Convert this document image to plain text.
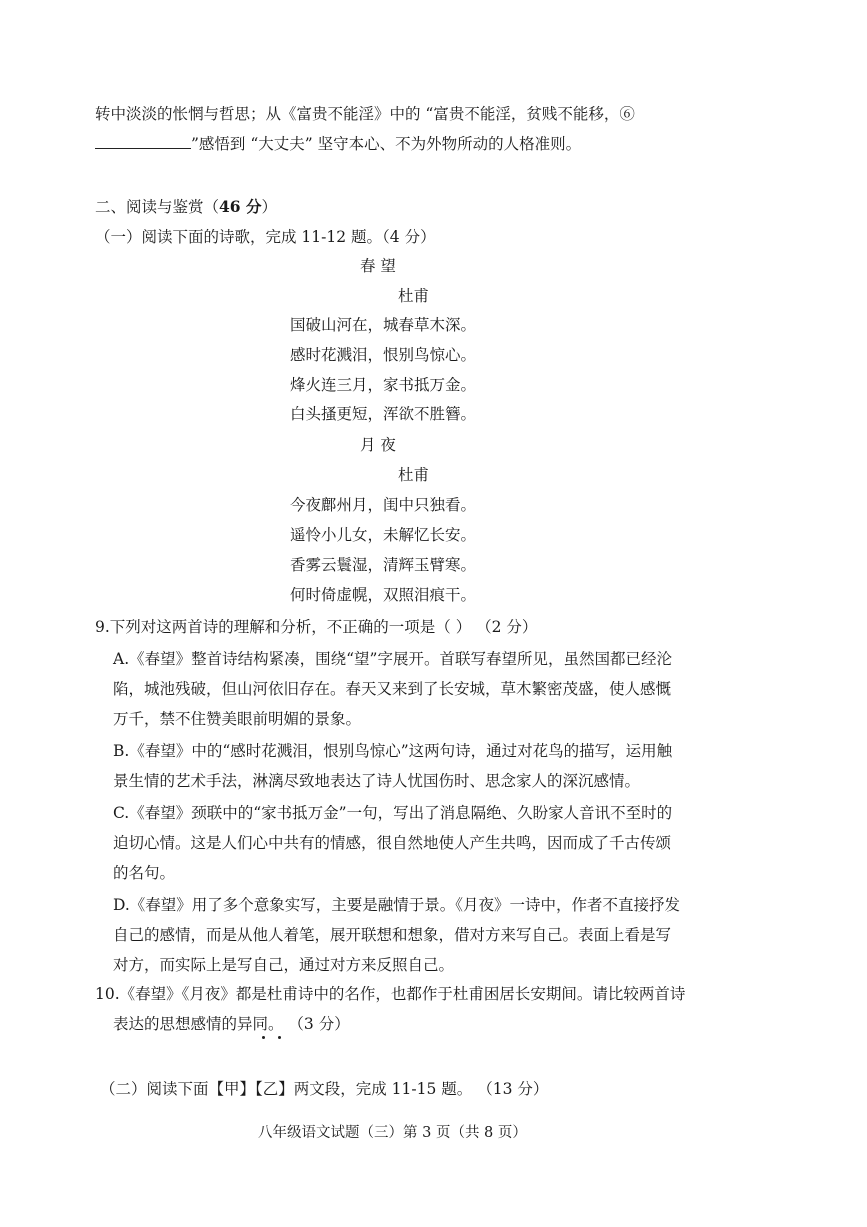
转中淡淡的怅惘与哲思；从《富贵不能淫》中的 “富贵不能淫，贫贱不能移，⑥
”感悟到 “大丈夫” 坚守本心、不为外物所动的人格准则。
二、阅读与鉴赏（46 分）
（一）阅读下面的诗歌，完成 11-12 题。（4 分）
春 望
杜甫
国破山河在，城春草木深。
感时花溅泪，恨别鸟惊心。
烽火连三月，家书抵万金。
白头搔更短，浑欲不胜簪。
月 夜
杜甫
今夜鄜州月，闺中只独看。
遥怜小儿女，未解忆长安。
香雾云鬟湿，清辉玉臂寒。
何时倚虚幌，双照泪痕干。
9.下列对这两首诗的理解和分析，不正确的一项是（ ） （2 分）
A.《春望》整首诗结构紧凑，围绕“望”字展开。首联写春望所见，虽然国都已经沦
陷，城池残破，但山河依旧存在。春天又来到了长安城，草木繁密茂盛，使人感慨
万千，禁不住赞美眼前明媚的景象。
B.《春望》中的“感时花溅泪，恨别鸟惊心”这两句诗，通过对花鸟的描写，运用触
景生情的艺术手法，淋漓尽致地表达了诗人忧国伤时、思念家人的深沉感情。
C.《春望》颈联中的“家书抵万金”一句，写出了消息隔绝、久盼家人音讯不至时的
迫切心情。这是人们心中共有的情感，很自然地使人产生共鸣，因而成了千古传颂
的名句。
D.《春望》用了多个意象实写，主要是融情于景。《月夜》一诗中，作者不直接抒发
自己的感情，而是从他人着笔，展开联想和想象，借对方来写自己。表面上看是写
对方，而实际上是写自己，通过对方来反照自己。
10.《春望》《月夜》都是杜甫诗中的名作，也都作于杜甫困居长安期间。请比较两首诗
表达的思想感情的异同。 （3 分）
（二）阅读下面【甲】【乙】两文段，完成 11-15 题。 （13 分）
八年级语文试题（三）第 3 页（共 8 页）
